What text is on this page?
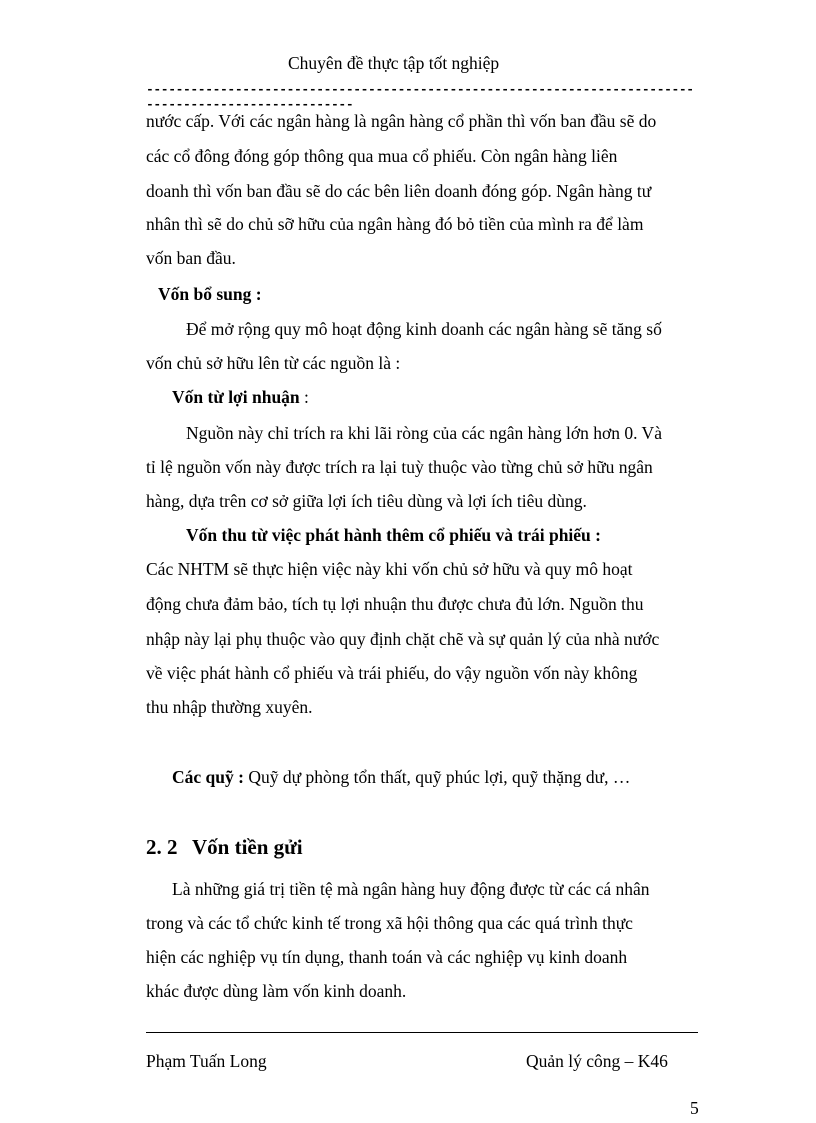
Chuyên đề thực tập tốt nghiệp
------------------------------------------------------------------------------------------------------
nước cấp. Với các ngân hàng là ngân hàng cổ phần thì vốn ban đầu sẽ do
các cổ đông đóng góp thông qua mua cổ phiếu. Còn ngân hàng liên
doanh thì vốn ban đầu sẽ do các bên liên doanh đóng góp. Ngân hàng tư
nhân thì sẽ do chủ sỡ hữu của ngân hàng đó bỏ tiền của mình ra để làm
vốn ban đầu.
Vốn bổ sung :
Để mở rộng quy mô hoạt động kinh doanh các ngân hàng sẽ tăng số
vốn chủ sở hữu lên từ các nguồn là :
Vốn từ lợi nhuận :
Nguồn này chỉ trích ra khi lãi ròng của các ngân hàng lớn hơn 0. Và
tỉ lệ nguồn vốn này được trích ra lại tuỳ thuộc vào từng chủ sở hữu ngân
hàng, dựa trên cơ sở giữa lợi ích tiêu dùng và lợi ích tiêu dùng.
Vốn thu từ việc phát hành thêm cổ phiếu và trái phiếu :
Các NHTM sẽ thực hiện việc này khi vốn chủ sở hữu và quy mô hoạt
động chưa đảm bảo, tích tụ lợi nhuận thu được chưa đủ lớn. Nguồn thu
nhập này lại phụ thuộc vào quy định chặt chẽ và sự quản lý của nhà nước
về việc phát hành cổ phiếu và trái phiếu, do vậy nguồn vốn này không
thu nhập thường xuyên.
Các quỹ : Quỹ dự phòng tổn thất, quỹ phúc lợi, quỹ thặng dư, …
2. 2 Vốn tiền gửi
Là những giá trị tiền tệ mà ngân hàng huy động được từ các cá nhân
trong và các tổ chức kinh tế trong xã hội thông qua các quá trình thực
hiện các nghiệp vụ tín dụng, thanh toán và các nghiệp vụ kinh doanh
khác được dùng làm vốn kinh doanh.
Phạm Tuấn Long	Quản lý công – K46
5
